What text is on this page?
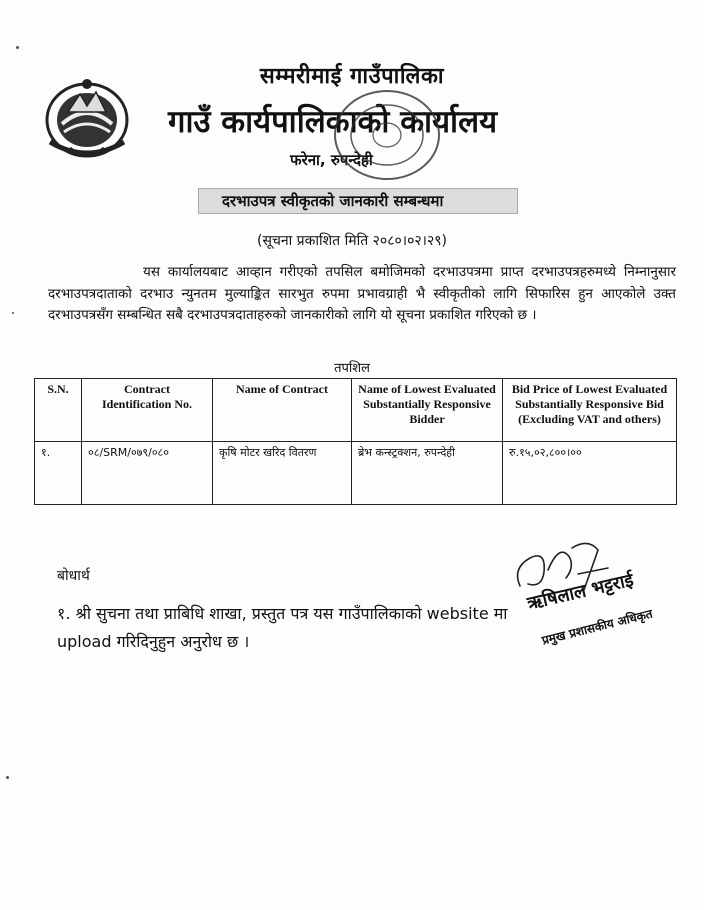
सम्मरीमाई गाउँपालिका
गाउँ कार्यपालिकाको कार्यालय
फरेना, रुपन्देही
दरभाउपत्र स्वीकृतको जानकारी सम्बन्धमा
(सूचना प्रकाशित मिति २०८०।०२।२९)
यस कार्यालयबाट आव्हान गरीएको तपसिल बमोजिमको दरभाउपत्रमा प्राप्त दरभाउपत्रहरुमध्ये निम्नानुसार दरभाउपत्रदाताको दरभाउ न्युनतम मुल्याङ्कित सारभुत रुपमा प्रभावग्राही भै स्वीकृतीको लागि सिफारिस हुन आएकोले उक्त दरभाउपत्रसँग सम्बन्धित सबै दरभाउपत्रदाताहरुको जानकारीको लागि यो सूचना प्रकाशित गरिएको छ ।
तपशिल
S.N.	Contract Identification No.	Name of Contract	Name of Lowest Evaluated Substantially Responsive Bidder	Bid Price of Lowest Evaluated Substantially Responsive Bid (Excluding VAT and others)
१.	०८/SRM/०७९/०८०	कृषि मोटर खरिद वितरण	ब्रेभ कन्स्ट्रक्शन, रुपन्देही	रु.१५,०२,८००।००
बोधार्थ
१. श्री सुचना तथा प्राबिधि शाखा, प्रस्तुत पत्र यस गाउँपालिकाको website मा upload गरिदिनुहुन अनुरोध छ ।
ऋषिलाल भट्टराई
प्रमुख प्रशासकीय अधिकृत
